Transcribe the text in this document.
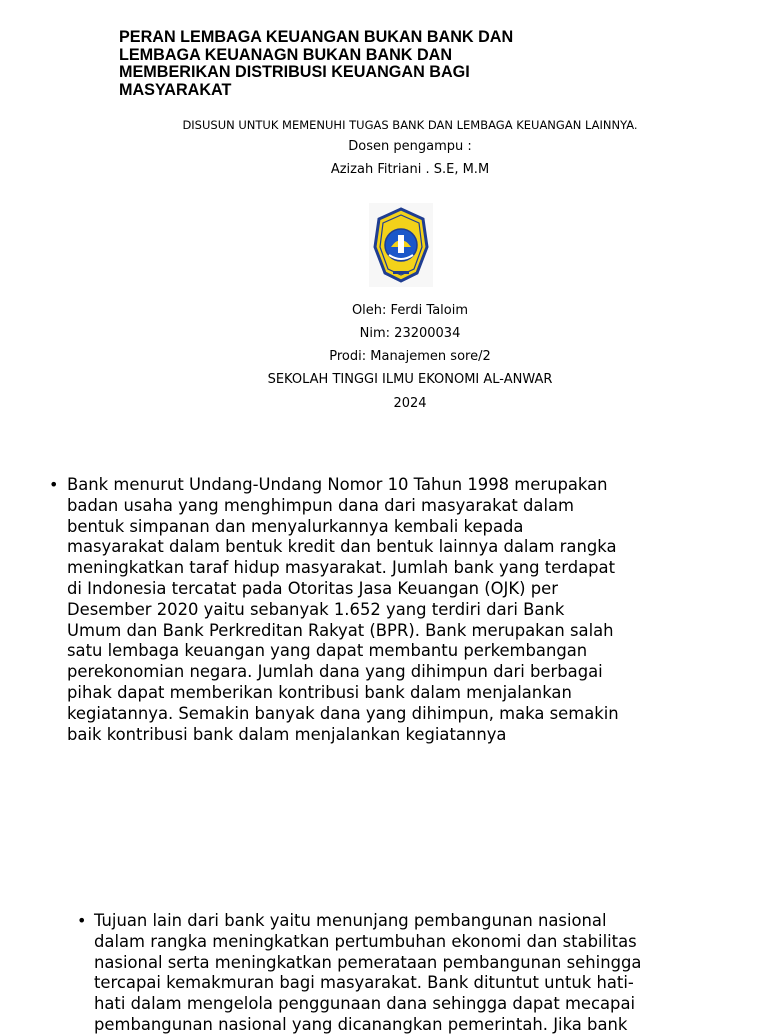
PERAN LEMBAGA KEUANGAN BUKAN BANK DAN
LEMBAGA KEUANAGN BUKAN BANK DAN
MEMBERIKAN DISTRIBUSI KEUANGAN BAGI
MASYARAKAT
DISUSUN UNTUK MEMENUHI TUGAS BANK DAN LEMBAGA KEUANGAN LAINNYA.
Dosen pengampu :
Azizah Fitriani . S.E, M.M
Oleh: Ferdi Taloim
Nim: 23200034
Prodi: Manajemen sore/2
SEKOLAH TINGGI ILMU EKONOMI AL-ANWAR
2024
• Bank menurut Undang-Undang Nomor 10 Tahun 1998 merupakan
badan usaha yang menghimpun dana dari masyarakat dalam
bentuk simpanan dan menyalurkannya kembali kepada
masyarakat dalam bentuk kredit dan bentuk lainnya dalam rangka
meningkatkan taraf hidup masyarakat. Jumlah bank yang terdapat
di Indonesia tercatat pada Otoritas Jasa Keuangan (OJK) per
Desember 2020 yaitu sebanyak 1.652 yang terdiri dari Bank
Umum dan Bank Perkreditan Rakyat (BPR). Bank merupakan salah
satu lembaga keuangan yang dapat membantu perkembangan
perekonomian negara. Jumlah dana yang dihimpun dari berbagai
pihak dapat memberikan kontribusi bank dalam menjalankan
kegiatannya. Semakin banyak dana yang dihimpun, maka semakin
baik kontribusi bank dalam menjalankan kegiatannya
• Tujuan lain dari bank yaitu menunjang pembangunan nasional
dalam rangka meningkatkan pertumbuhan ekonomi dan stabilitas
nasional serta meningkatkan pemerataan pembangunan sehingga
tercapai kemakmuran bagi masyarakat. Bank dituntut untuk hati-
hati dalam mengelola penggunaan dana sehingga dapat mecapai
pembangunan nasional yang dicanangkan pemerintah. Jika bank
